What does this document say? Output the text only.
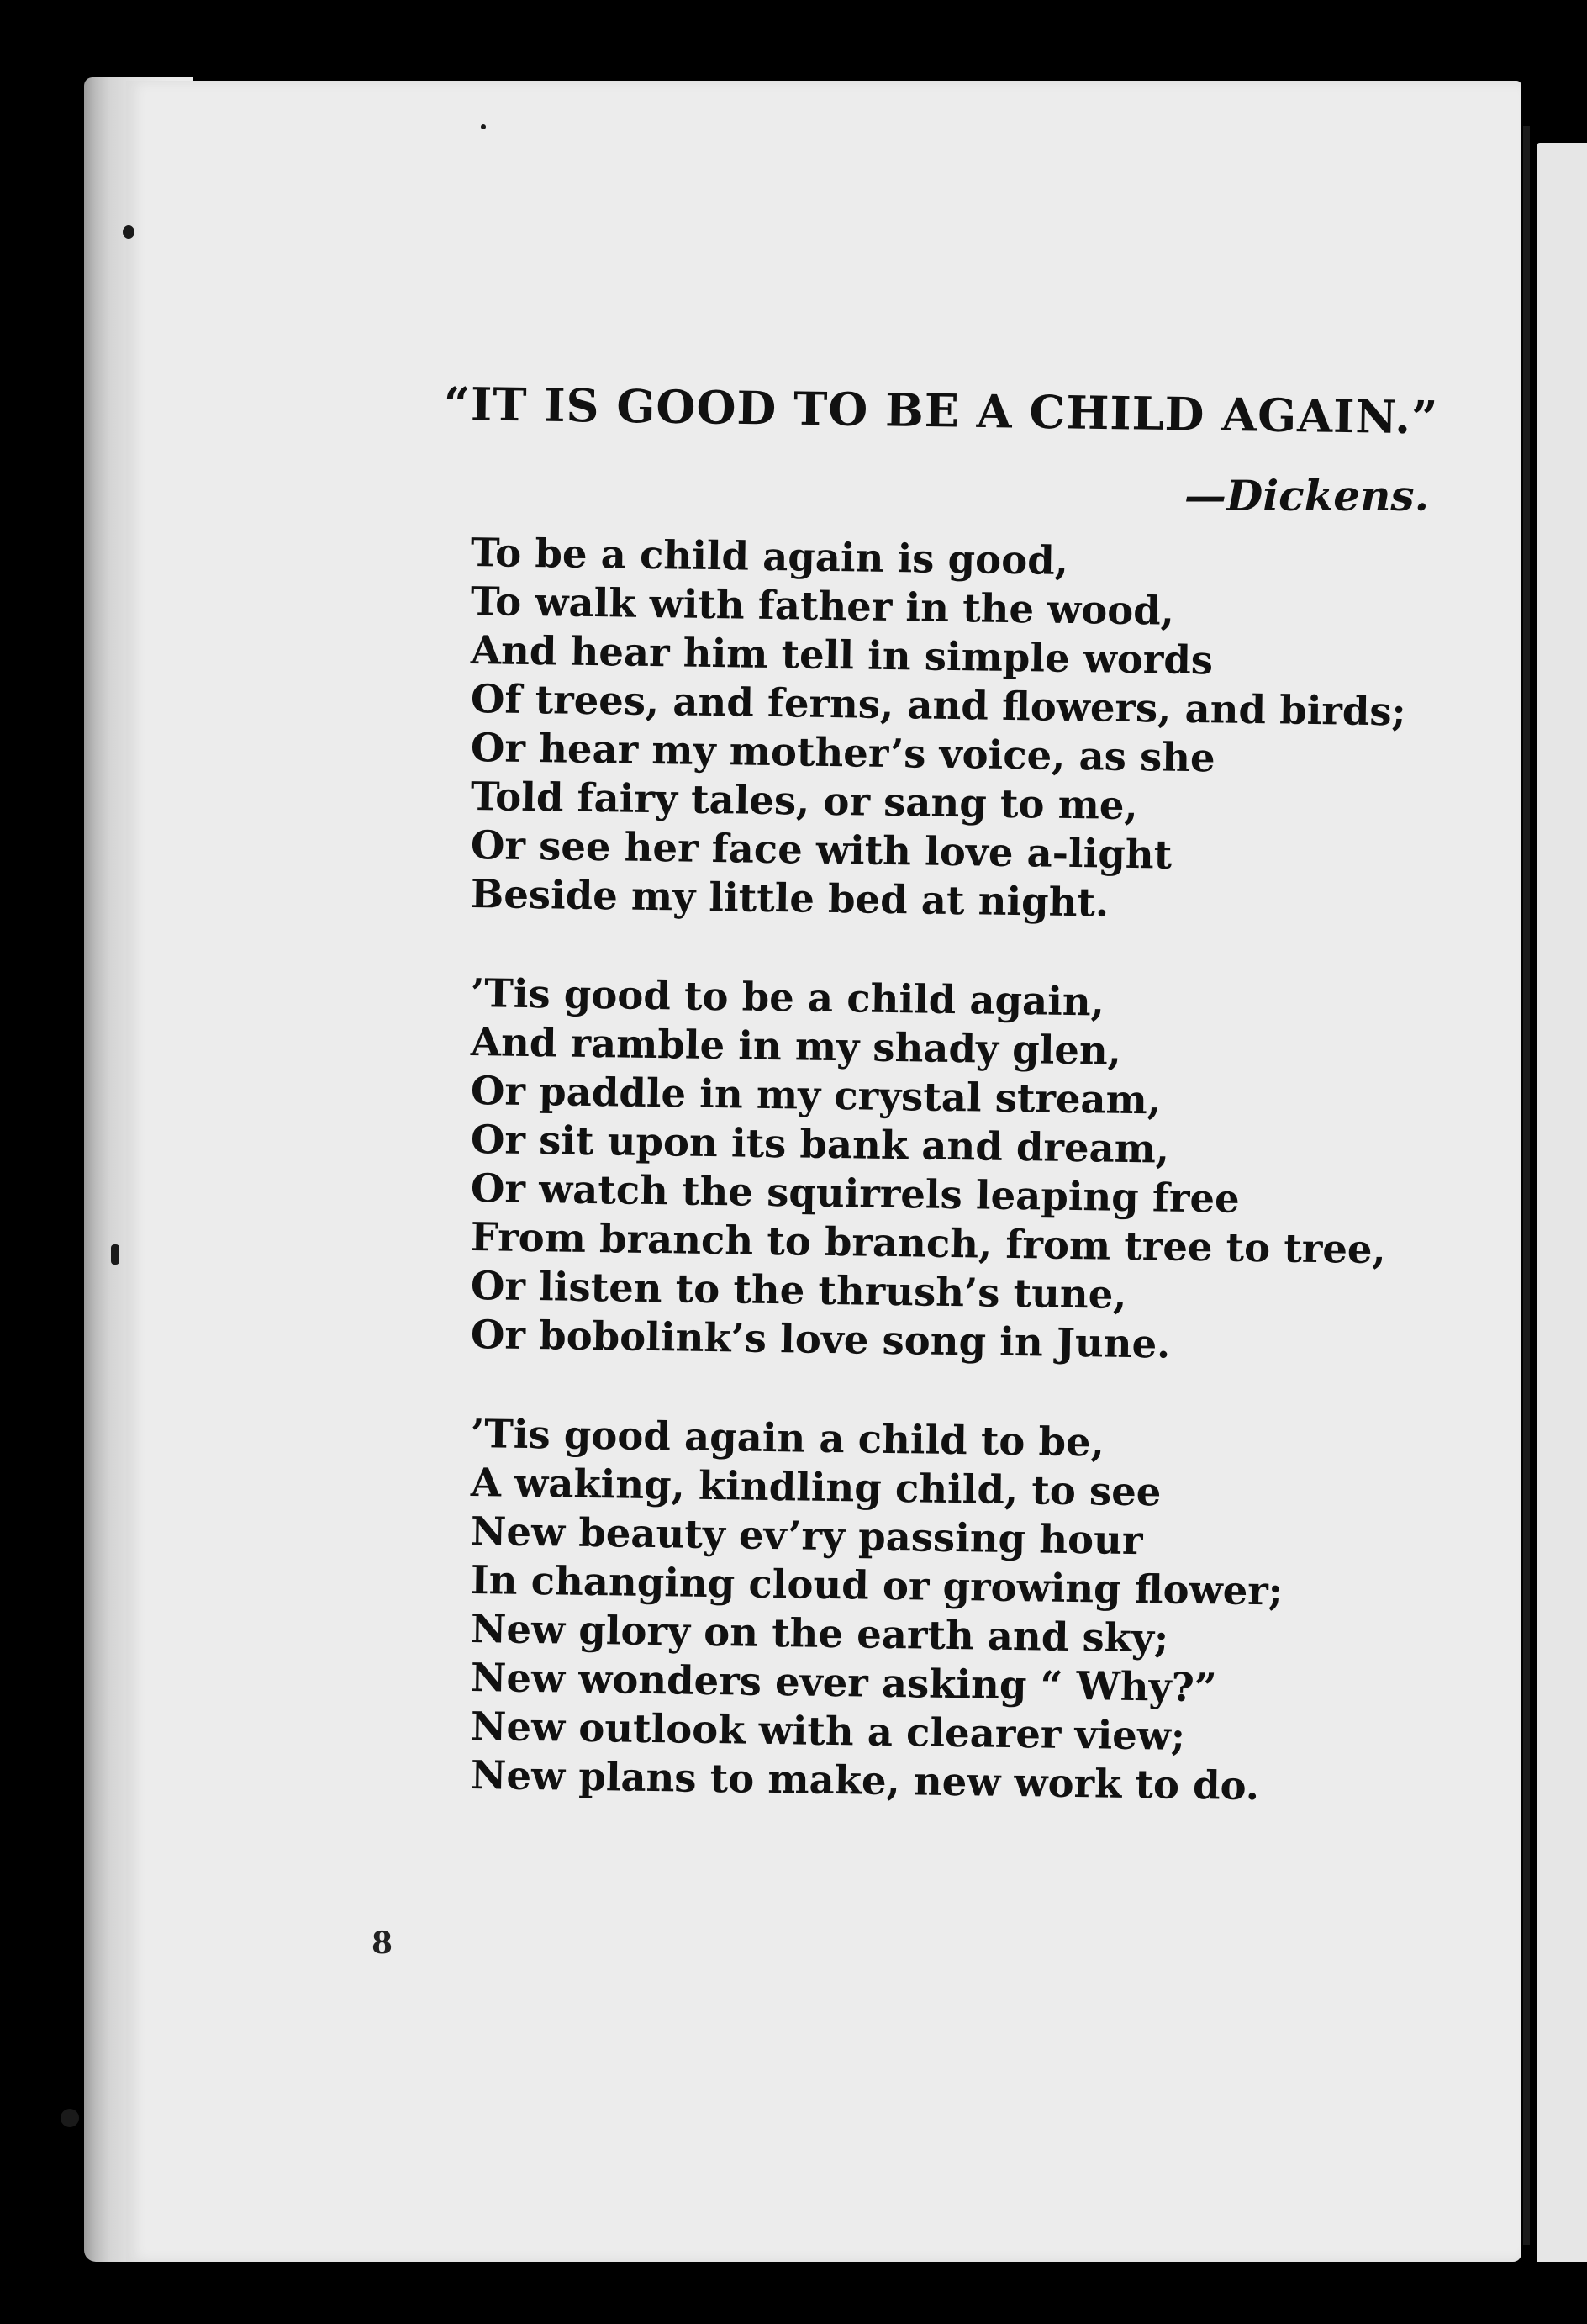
“IT IS GOOD TO BE A CHILD AGAIN.”
—Dickens.
To be a child again is good,
To walk with father in the wood,
And hear him tell in simple words
Of trees, and ferns, and flowers, and birds;
Or hear my mother’s voice, as she
Told fairy tales, or sang to me,
Or see her face with love a-light
Beside my little bed at night.
’Tis good to be a child again,
And ramble in my shady glen,
Or paddle in my crystal stream,
Or sit upon its bank and dream,
Or watch the squirrels leaping free
From branch to branch, from tree to tree,
Or listen to the thrush’s tune,
Or bobolink’s love song in June.
’Tis good again a child to be,
A waking, kindling child, to see
New beauty ev’ry passing hour
In changing cloud or growing flower;
New glory on the earth and sky;
New wonders ever asking “ Why?”
New outlook with a clearer view;
New plans to make, new work to do.
8
